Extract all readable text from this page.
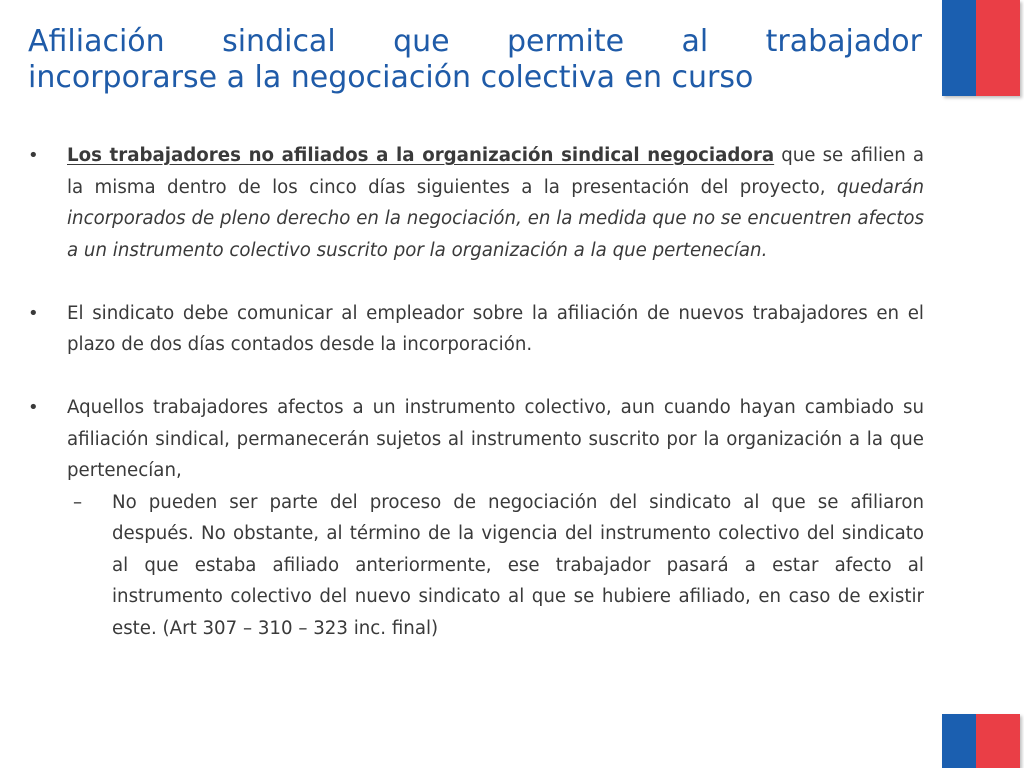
Afiliación sindical que permite al trabajador
incorporarse a la negociación colectiva en curso
• Los trabajadores no afiliados a la organización sindical negociadora que se afilien a la misma dentro de los cinco días siguientes a la presentación del proyecto, quedarán incorporados de pleno derecho en la negociación, en la medida que no se encuentren afectos a un instrumento colectivo suscrito por la organización a la que pertenecían.
• El sindicato debe comunicar al empleador sobre la afiliación de nuevos trabajadores en el plazo de dos días contados desde la incorporación.
• Aquellos trabajadores afectos a un instrumento colectivo, aun cuando hayan cambiado su afiliación sindical, permanecerán sujetos al instrumento suscrito por la organización a la que pertenecían,
– No pueden ser parte del proceso de negociación del sindicato al que se afiliaron después. No obstante, al término de la vigencia del instrumento colectivo del sindicato al que estaba afiliado anteriormente, ese trabajador pasará a estar afecto al instrumento colectivo del nuevo sindicato al que se hubiere afiliado, en caso de existir este. (Art 307 – 310 – 323 inc. final)
